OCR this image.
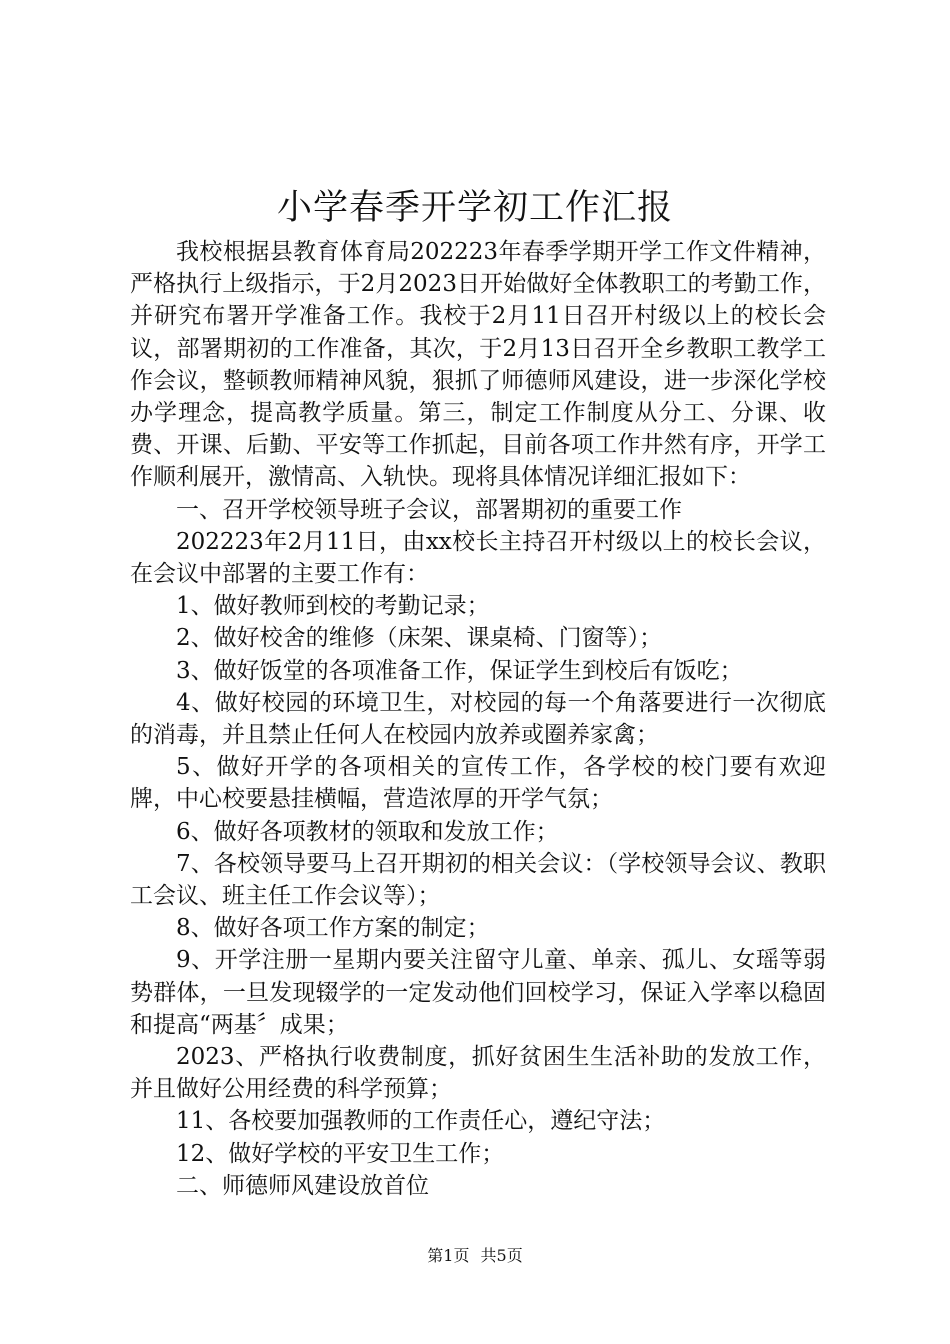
小学春季开学初工作汇报

我校根据县教育体育局202223年春季学期开学工作文件精神，严格执行上级指示，于2月2023日开始做好全体教职工的考勤工作，并研究布署开学准备工作。我校于2月11日召开村级以上的校长会议，部署期初的工作准备，其次，于2月13日召开全乡教职工教学工作会议，整顿教师精神风貌，狠抓了师德师风建设，进一步深化学校办学理念，提高教学质量。第三，制定工作制度从分工、分课、收费、开课、后勤、平安等工作抓起，目前各项工作井然有序，开学工作顺利展开，激情高、入轨快。现将具体情况详细汇报如下：

一、召开学校领导班子会议，部署期初的重要工作

202223年2月11日，由xx校长主持召开村级以上的校长会议，在会议中部署的主要工作有：

1、做好教师到校的考勤记录；

2、做好校舍的维修（床架、课桌椅、门窗等）；

3、做好饭堂的各项准备工作，保证学生到校后有饭吃；

4、做好校园的环境卫生，对校园的每一个角落要进行一次彻底的消毒，并且禁止任何人在校园内放养或圈养家禽；

5、做好开学的各项相关的宣传工作，各学校的校门要有欢迎牌，中心校要悬挂横幅，营造浓厚的开学气氛；

6、做好各项教材的领取和发放工作；

7、各校领导要马上召开期初的相关会议：（学校领导会议、教职工会议、班主任工作会议等）；

8、做好各项工作方案的制定；

9、开学注册一星期内要关注留守儿童、单亲、孤儿、女瑶等弱势群体，一旦发现辍学的一定发动他们回校学习，保证入学率以稳固和提高“两基〞成果；

2023、严格执行收费制度，抓好贫困生生活补助的发放工作，并且做好公用经费的科学预算；

11、各校要加强教师的工作责任心，遵纪守法；

12、做好学校的平安卫生工作；

二、师德师风建设放首位

第1页 共5页
